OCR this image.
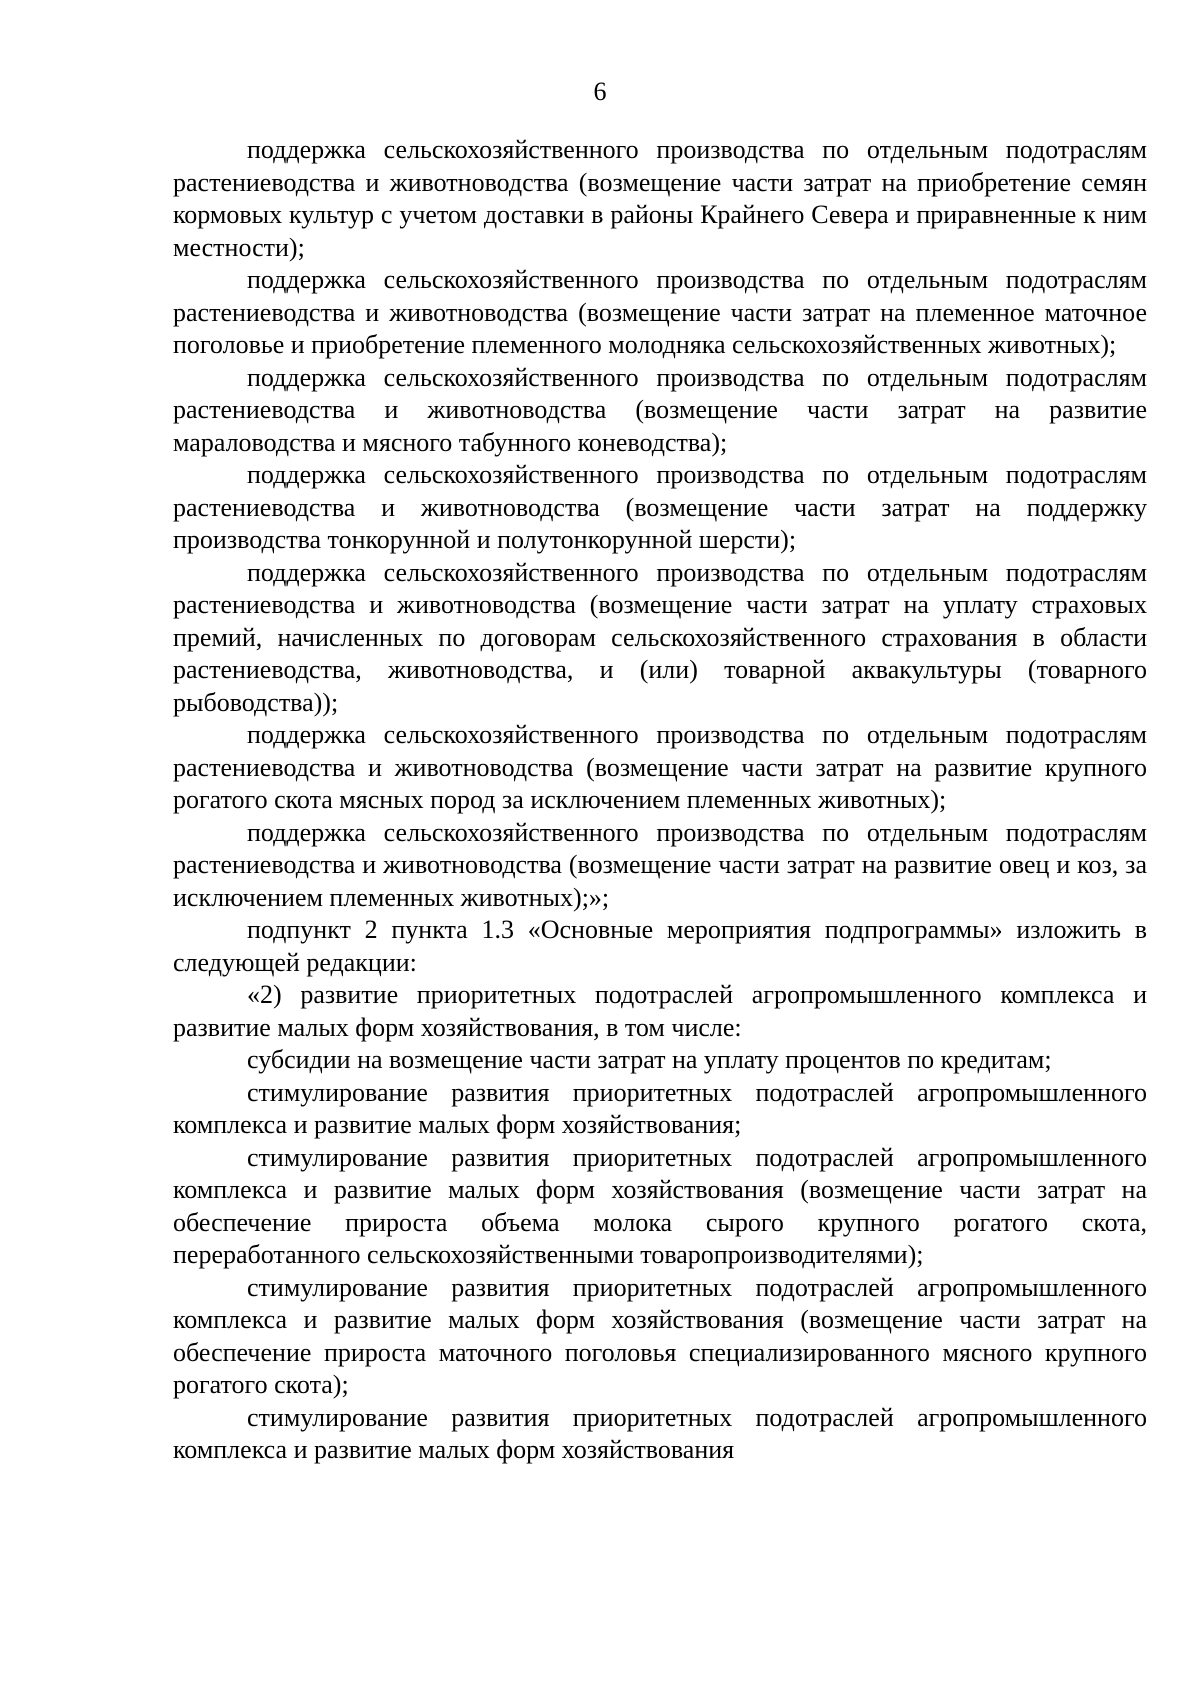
6

поддержка сельскохозяйственного производства по отдельным подотраслям растениеводства и животноводства (возмещение части затрат на приобретение семян кормовых культур с учетом доставки в районы Крайнего Севера и приравненные к ним местности);

поддержка сельскохозяйственного производства по отдельным подотраслям растениеводства и животноводства (возмещение части затрат на племенное маточное поголовье и приобретение племенного молодняка сельскохозяйственных животных);

поддержка сельскохозяйственного производства по отдельным подотраслям растениеводства и животноводства (возмещение части затрат на развитие мараловодства и мясного табунного коневодства);

поддержка сельскохозяйственного производства по отдельным подотраслям растениеводства и животноводства (возмещение части затрат на поддержку производства тонкорунной и полутонкорунной шерсти);

поддержка сельскохозяйственного производства по отдельным подотраслям растениеводства и животноводства (возмещение части затрат на уплату страховых премий, начисленных по договорам сельскохозяйственного страхования в области растениеводства, животноводства, и (или) товарной аквакультуры (товарного рыбоводства));

поддержка сельскохозяйственного производства по отдельным подотраслям растениеводства и животноводства (возмещение части затрат на развитие крупного рогатого скота мясных пород за исключением племенных животных);

поддержка сельскохозяйственного производства по отдельным подотраслям растениеводства и животноводства (возмещение части затрат на развитие овец и коз, за исключением племенных животных);»;

подпункт 2 пункта 1.3 «Основные мероприятия подпрограммы» изложить в следующей редакции:

«2) развитие приоритетных подотраслей агропромышленного комплекса и развитие малых форм хозяйствования, в том числе:

субсидии на возмещение части затрат на уплату процентов по кредитам;

стимулирование развития приоритетных подотраслей агропромышленного комплекса и развитие малых форм хозяйствования;

стимулирование развития приоритетных подотраслей агропромышленного комплекса и развитие малых форм хозяйствования (возмещение части затрат на обеспечение прироста объема молока сырого крупного рогатого скота, переработанного сельскохозяйственными товаропроизводителями);

стимулирование развития приоритетных подотраслей агропромышленного комплекса и развитие малых форм хозяйствования (возмещение части затрат на обеспечение прироста маточного поголовья специализированного мясного крупного рогатого скота);

стимулирование развития приоритетных подотраслей агропромышленного комплекса и развитие малых форм хозяйствования
